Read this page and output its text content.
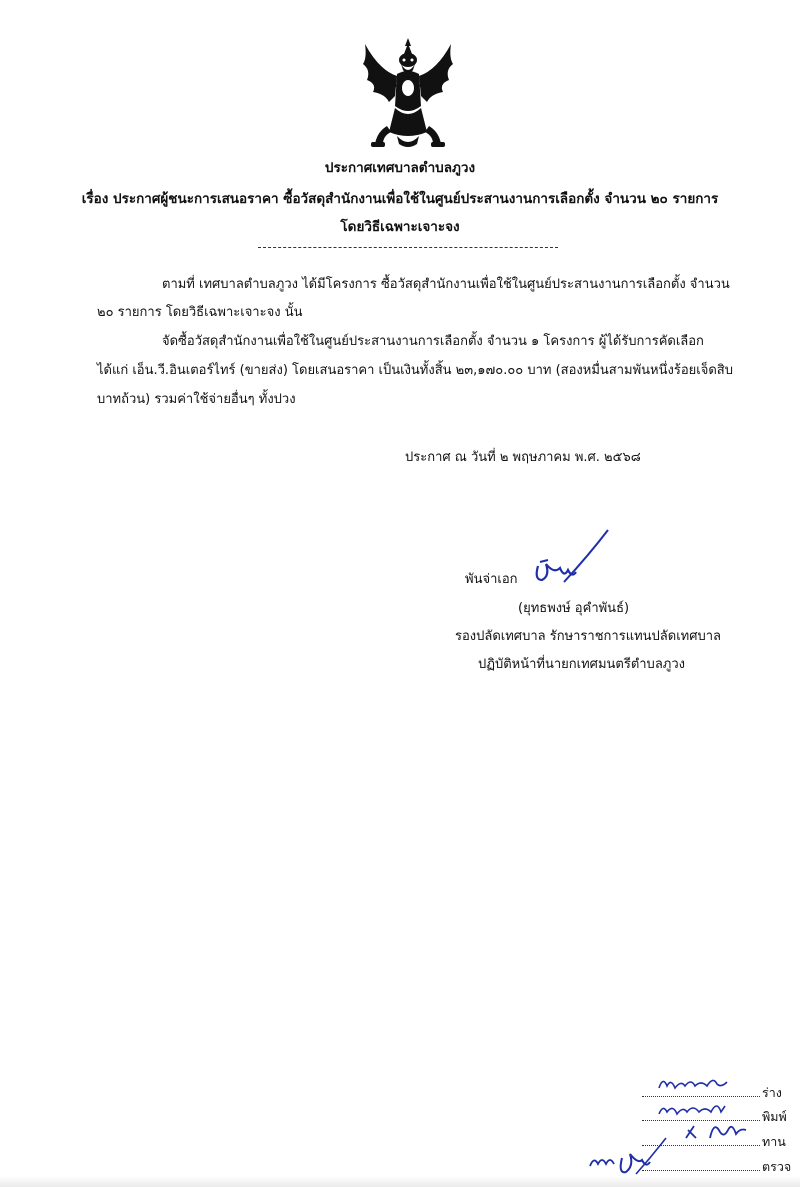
ประกาศเทศบาลตำบลภูวง
เรื่อง ประกาศผู้ชนะการเสนอราคา ซื้อวัสดุสำนักงานเพื่อใช้ในศูนย์ประสานงานการเลือกตั้ง จำนวน ๒๐ รายการ
โดยวิธีเฉพาะเจาะจง
ตามที่ เทศบาลตำบลภูวง ได้มีโครงการ ซื้อวัสดุสำนักงานเพื่อใช้ในศูนย์ประสานงานการเลือกตั้ง จำนวน
๒๐ รายการ โดยวิธีเฉพาะเจาะจง นั้น
จัดซื้อวัสดุสำนักงานเพื่อใช้ในศูนย์ประสานงานการเลือกตั้ง จำนวน ๑ โครงการ ผู้ได้รับการคัดเลือก
ได้แก่ เอ็น.วี.อินเตอร์ไทร์ (ขายส่ง) โดยเสนอราคา เป็นเงินทั้งสิ้น ๒๓,๑๗๐.๐๐ บาท (สองหมื่นสามพันหนึ่งร้อยเจ็ดสิบ
บาทถ้วน) รวมค่าใช้จ่ายอื่นๆ ทั้งปวง
ประกาศ ณ วันที่ ๒ พฤษภาคม พ.ศ. ๒๕๖๘
พันจ่าเอก
(ยุทธพงษ์ อุคำพันธ์)
รองปลัดเทศบาล รักษาราชการแทนปลัดเทศบาล
ปฏิบัติหน้าที่นายกเทศมนตรีตำบลภูวง
ร่าง
พิมพ์
ทาน
ตรวจ
